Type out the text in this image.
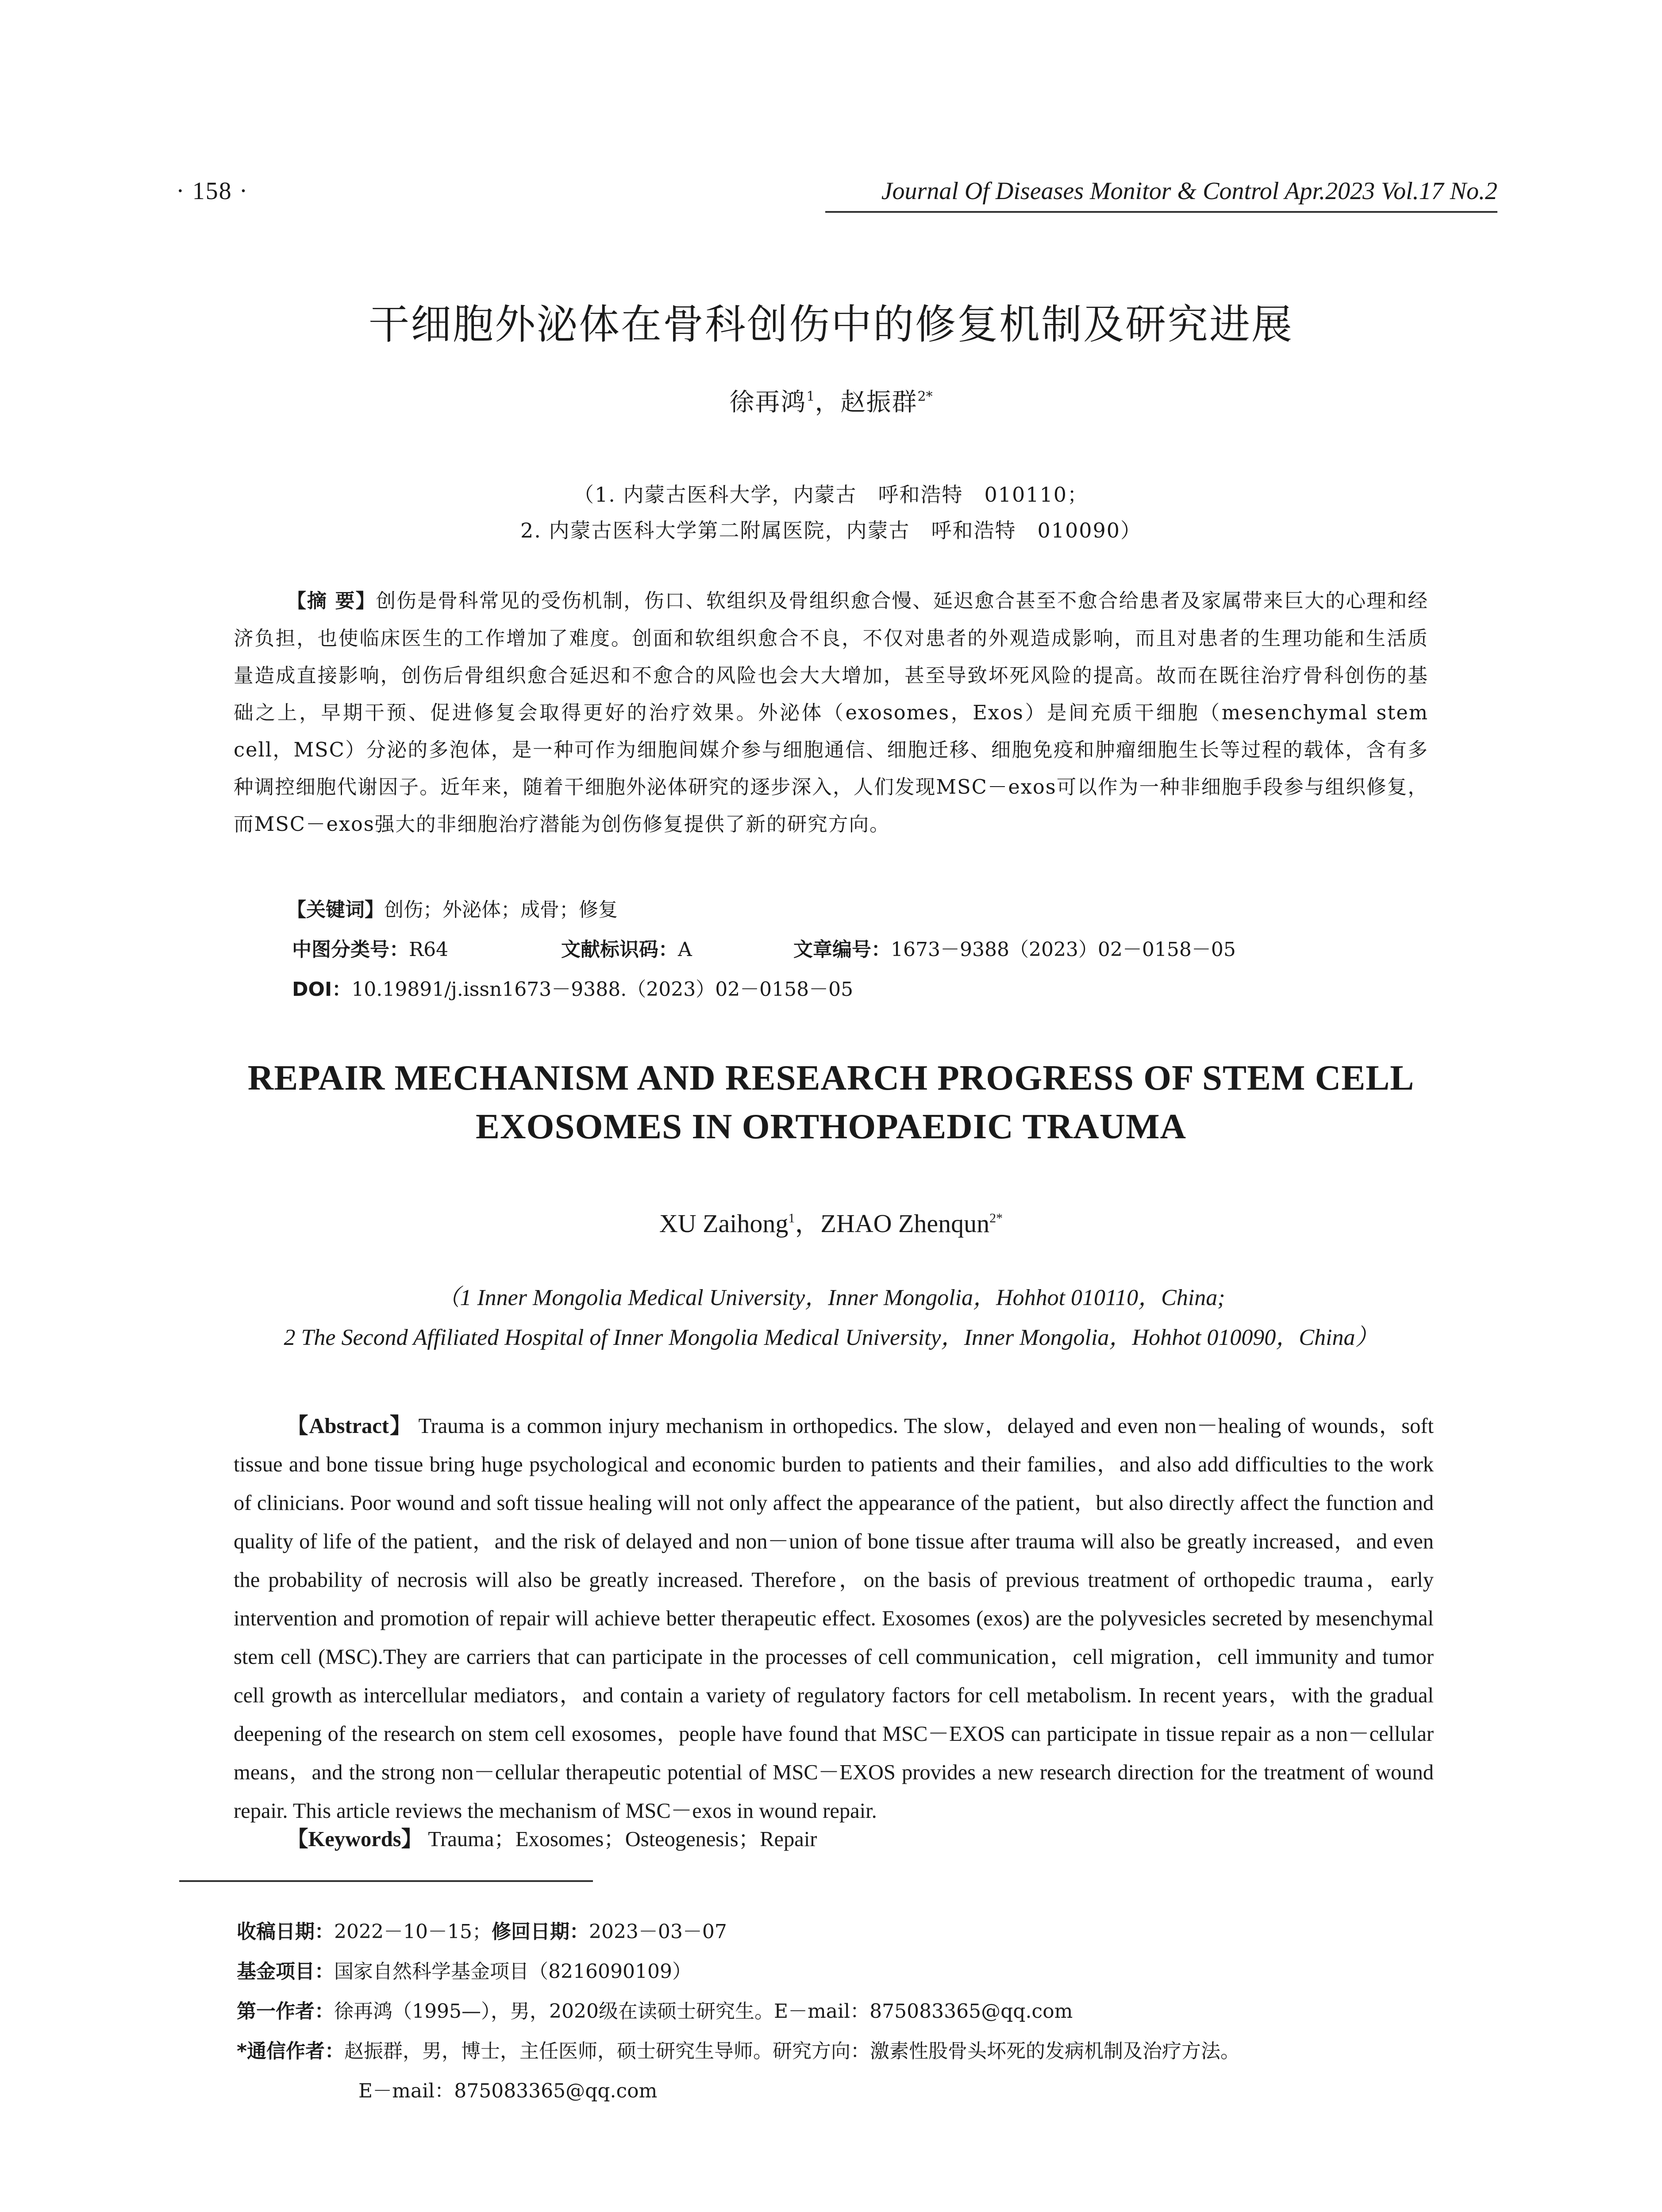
· 158 ·	Journal Of Diseases Monitor & Control Apr.2023 Vol.17 No.2
干细胞外泌体在骨科创伤中的修复机制及研究进展
徐再鸿$^1$，赵振群$^{2*}$
（1. 内蒙古医科大学，内蒙古　呼和浩特　010110；
2. 内蒙古医科大学第二附属医院，内蒙古　呼和浩特　010090）
【摘 要】创伤是骨科常见的受伤机制，伤口、软组织及骨组织愈合慢、延迟愈合甚至不愈合给患者及家属带来巨大的心理和经济负担，也使临床医生的工作增加了难度。创面和软组织愈合不良，不仅对患者的外观造成影响，而且对患者的生理功能和生活质量造成直接影响，创伤后骨组织愈合延迟和不愈合的风险也会大大增加，甚至导致坏死风险的提高。故而在既往治疗骨科创伤的基础之上，早期干预、促进修复会取得更好的治疗效果。外泌体（exosomes，Exos）是间充质干细胞（mesenchymal stem cell，MSC）分泌的多泡体，是一种可作为细胞间媒介参与细胞通信、细胞迁移、细胞免疫和肿瘤细胞生长等过程的载体，含有多种调控细胞代谢因子。近年来，随着干细胞外泌体研究的逐步深入，人们发现MSC－exos可以作为一种非细胞手段参与组织修复，而MSC－exos强大的非细胞治疗潜能为创伤修复提供了新的研究方向。
【关键词】创伤；外泌体；成骨；修复
中图分类号：R64	文献标识码：A	文章编号：1673－9388（2023）02－0158－05
DOI：10.19891/j.issn1673－9388.（2023）02－0158－05
REPAIR MECHANISM AND RESEARCH PROGRESS OF STEM CELL
EXOSOMES IN ORTHOPAEDIC TRAUMA
XU Zaihong$^1$，ZHAO Zhenqun$^{2*}$
（1 Inner Mongolia Medical University，Inner Mongolia，Hohhot 010110，China;
2 The Second Affiliated Hospital of Inner Mongolia Medical University，Inner Mongolia，Hohhot 010090，China）
【Abstract】 Trauma is a common injury mechanism in orthopedics. The slow，delayed and even non－healing of wounds，soft tissue and bone tissue bring huge psychological and economic burden to patients and their families，and also add difficulties to the work of clinicians. Poor wound and soft tissue healing will not only affect the appearance of the patient，but also directly affect the function and quality of life of the patient，and the risk of delayed and non－union of bone tissue after trauma will also be greatly increased，and even the probability of necrosis will also be greatly increased. Therefore，on the basis of previous treatment of orthopedic trauma，early intervention and promotion of repair will achieve better therapeutic effect. Exosomes (exos) are the polyvesicles secreted by mesenchymal stem cell (MSC).They are carriers that can participate in the processes of cell communication，cell migration，cell immunity and tumor cell growth as intercellular mediators，and contain a variety of regulatory factors for cell metabolism. In recent years，with the gradual deepening of the research on stem cell exosomes，people have found that MSC－EXOS can participate in tissue repair as a non－cellular means，and the strong non－cellular therapeutic potential of MSC－EXOS provides a new research direction for the treatment of wound repair. This article reviews the mechanism of MSC－exos in wound repair.
【Keywords】 Trauma；Exosomes；Osteogenesis；Repair
收稿日期：2022－10－15；修回日期：2023－03－07
基金项目：国家自然科学基金项目（8216090109）
第一作者：徐再鸿（1995—），男，2020级在读硕士研究生。E－mail：875083365@qq.com
*通信作者：赵振群，男，博士，主任医师，硕士研究生导师。研究方向：激素性股骨头坏死的发病机制及治疗方法。
E－mail：875083365@qq.com
